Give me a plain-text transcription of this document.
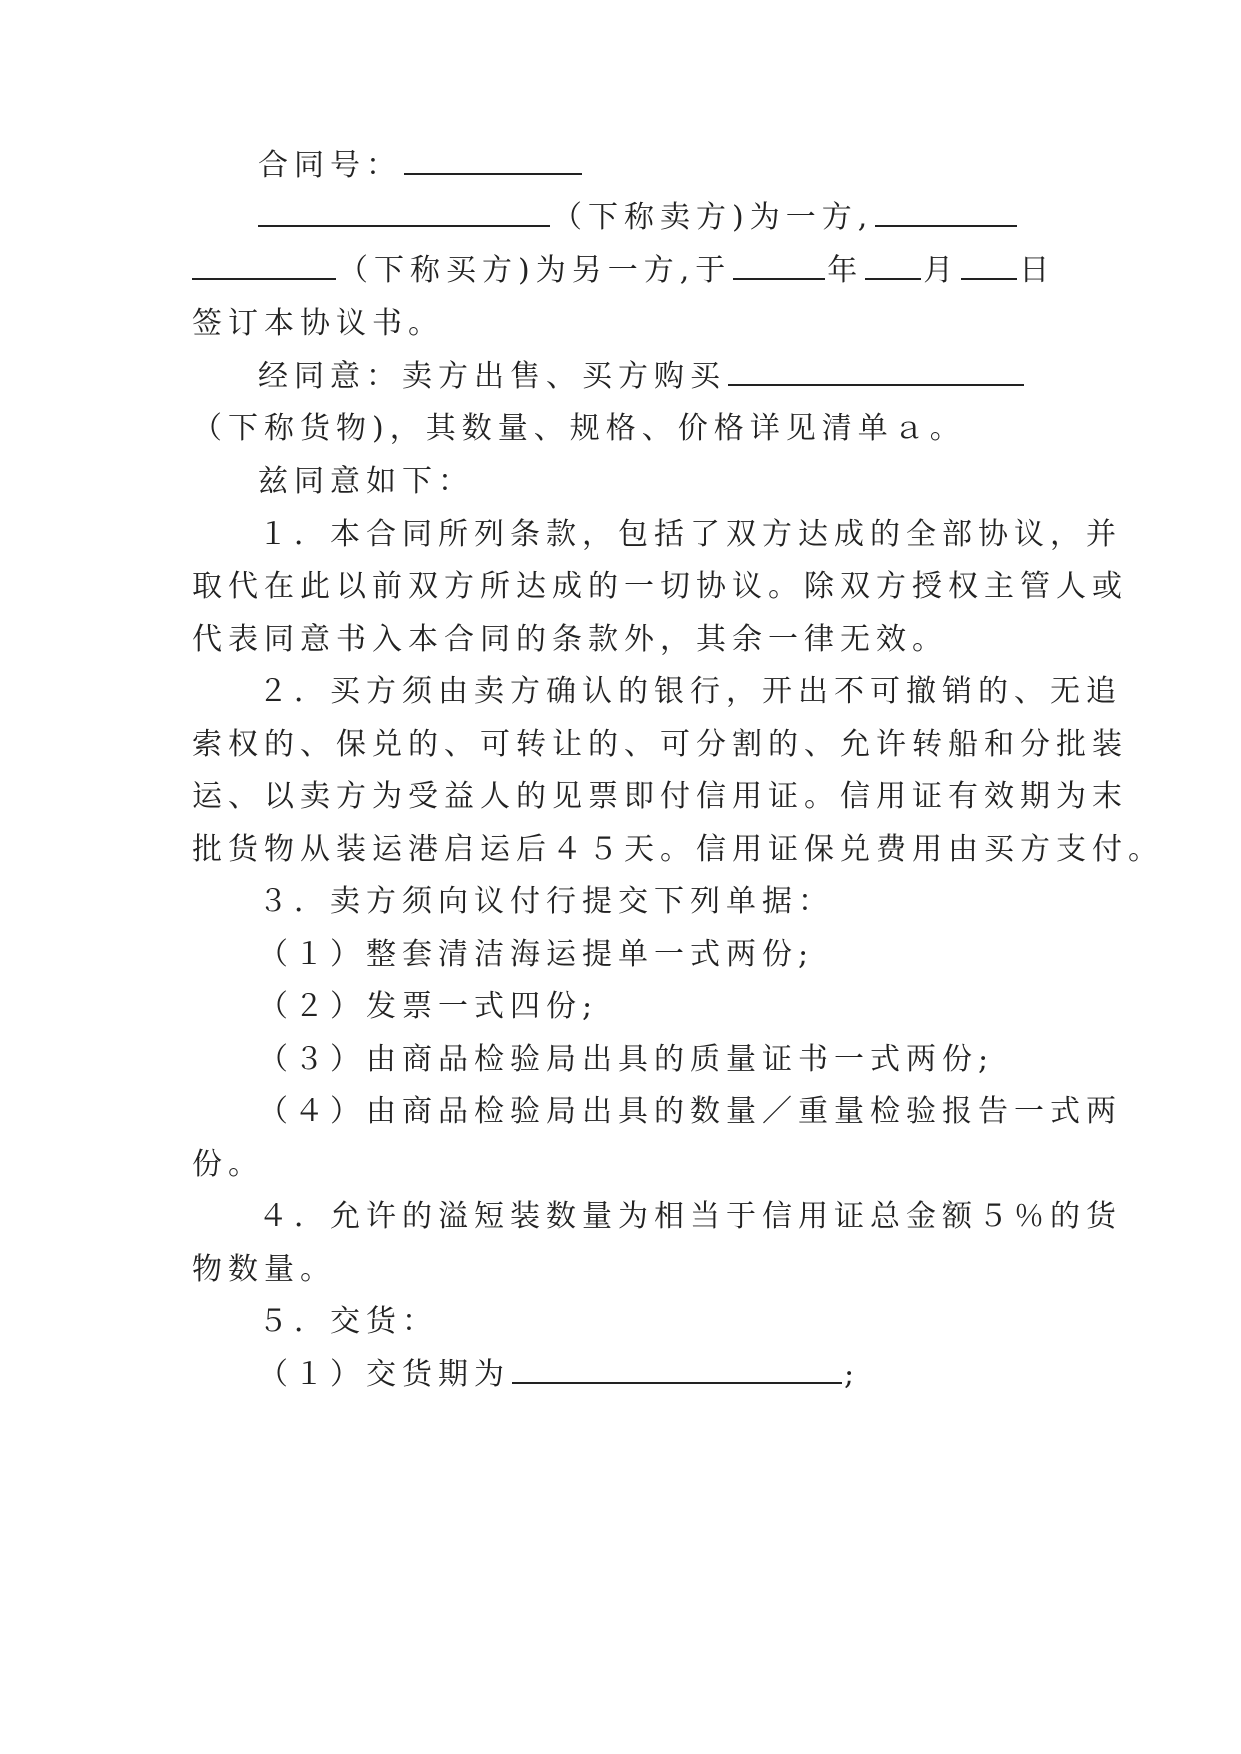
合同号：
（下称卖方)为一方,
（下称买方)为另一方,于	年 月 日
签订本协议书。
经同意：卖方出售、买方购买
（下称货物)，其数量、规格、价格详见清单ａ。
兹同意如下：
１．本合同所列条款，包括了双方达成的全部协议，并
取代在此以前双方所达成的一切协议。除双方授权主管人或
代表同意书入本合同的条款外，其余一律无效。
２．买方须由卖方确认的银行，开出不可撤销的、无追
索权的、保兑的、可转让的、可分割的、允许转船和分批装
运、以卖方为受益人的见票即付信用证。信用证有效期为末
批货物从装运港启运后４５天。信用证保兑费用由买方支付。
３．卖方须向议付行提交下列单据：
（１）整套清洁海运提单一式两份;
（２）发票一式四份;
（３）由商品检验局出具的质量证书一式两份;
（４）由商品检验局出具的数量／重量检验报告一式两
份。
４．允许的溢短装数量为相当于信用证总金额５％的货
物数量。
５．交货：
（１）交货期为	;
